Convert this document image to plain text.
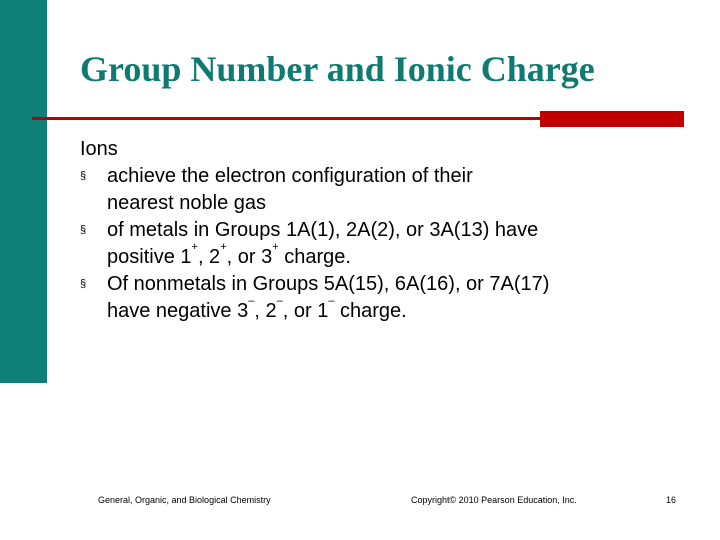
Group Number and Ionic Charge

Ions

§ achieve the electron configuration of their
nearest noble gas
§ of metals in Groups 1A(1), 2A(2), or 3A(13) have
positive 1+, 2+, or 3+ charge.
§ Of nonmetals in Groups 5A(15), 6A(16), or 7A(17)
have negative 3–, 2–, or 1– charge.
General, Organic, and Biological Chemistry	Copyright© 2010 Pearson Education, Inc.	16
